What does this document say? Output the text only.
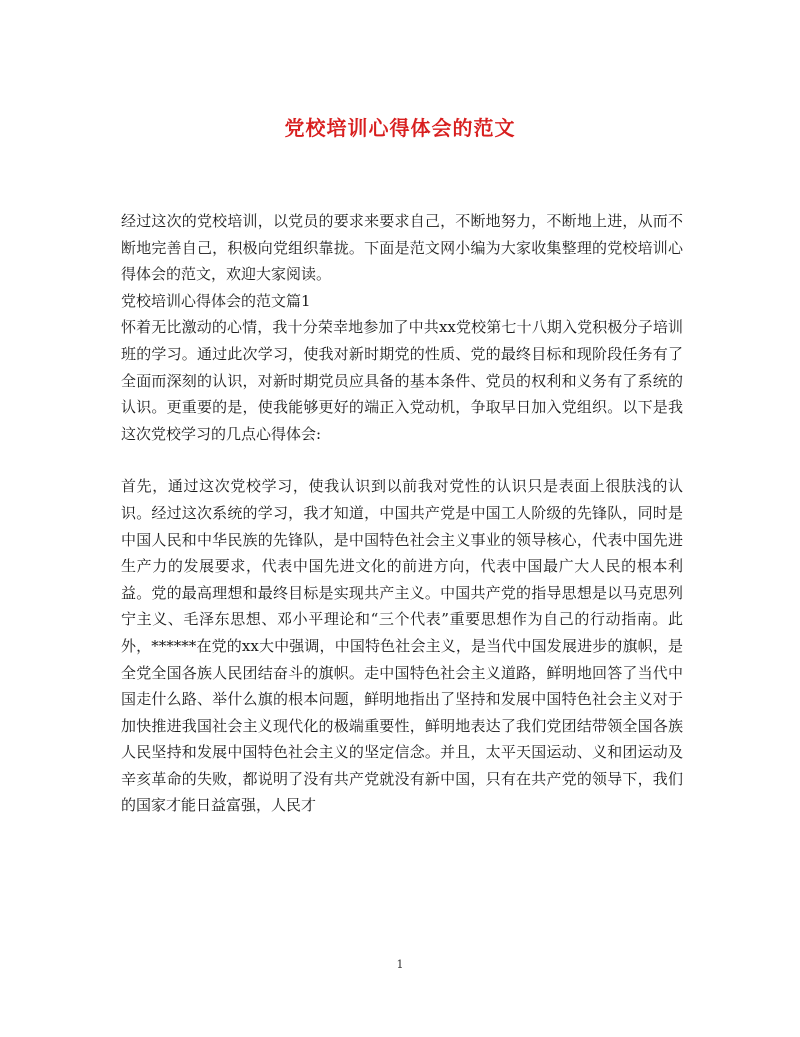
党校培训心得体会的范文

经过这次的党校培训，以党员的要求来要求自己，不断地努力，不断地上进，从而不断地完善自己，积极向党组织靠拢。下面是范文网小编为大家收集整理的党校培训心得体会的范文，欢迎大家阅读。

党校培训心得体会的范文篇1

怀着无比激动的心情，我十分荣幸地参加了中共xx党校第七十八期入党积极分子培训班的学习。通过此次学习，使我对新时期党的性质、党的最终目标和现阶段任务有了全面而深刻的认识，对新时期党员应具备的基本条件、党员的权利和义务有了系统的认识。更重要的是，使我能够更好的端正入党动机，争取早日加入党组织。以下是我这次党校学习的几点心得体会:

首先，通过这次党校学习，使我认识到以前我对党性的认识只是表面上很肤浅的认识。经过这次系统的学习，我才知道，中国共产党是中国工人阶级的先锋队，同时是中国人民和中华民族的先锋队，是中国特色社会主义事业的领导核心，代表中国先进生产力的发展要求，代表中国先进文化的前进方向，代表中国最广大人民的根本利益。党的最高理想和最终目标是实现共产主义。中国共产党的指导思想是以马克思列宁主义、毛泽东思想、邓小平理论和“三个代表”重要思想作为自己的行动指南。此外，******在党的xx大中强调，中国特色社会主义，是当代中国发展进步的旗帜，是全党全国各族人民团结奋斗的旗帜。走中国特色社会主义道路，鲜明地回答了当代中国走什么路、举什么旗的根本问题，鲜明地指出了坚持和发展中国特色社会主义对于加快推进我国社会主义现代化的极端重要性，鲜明地表达了我们党团结带领全国各族人民坚持和发展中国特色社会主义的坚定信念。并且，太平天国运动、义和团运动及辛亥革命的失败，都说明了没有共产党就没有新中国，只有在共产党的领导下，我们的国家才能日益富强，人民才

1
